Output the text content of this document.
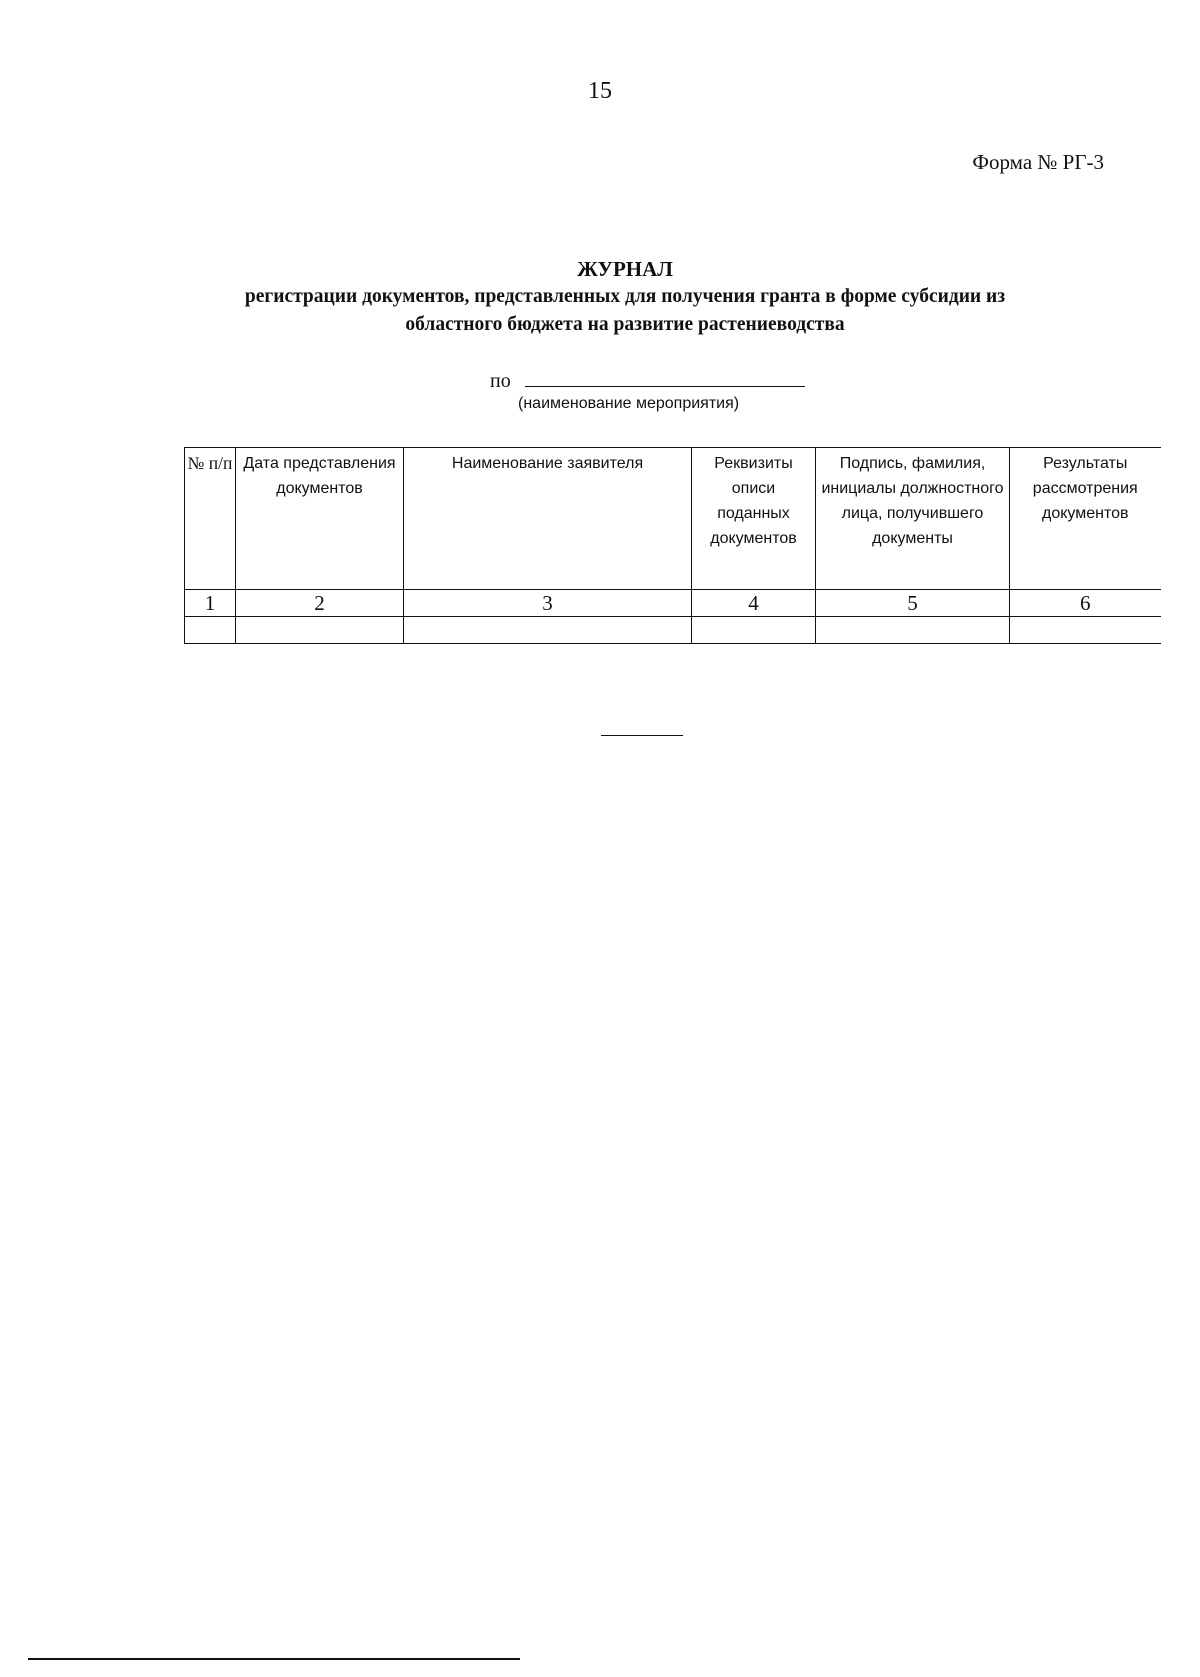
15
Форма № РГ-3
ЖУРНАЛ
регистрации документов, представленных для получения гранта в форме субсидии из
областного бюджета на развитие растениеводства
по
(наименование мероприятия)
№ п/п	Дата представления документов	Наименование заявителя	Реквизиты описи поданных документов	Подпись, фамилия, инициалы должностного лица, получившего документы	Результаты рассмотрения документов
1	2	3	4	5	6
